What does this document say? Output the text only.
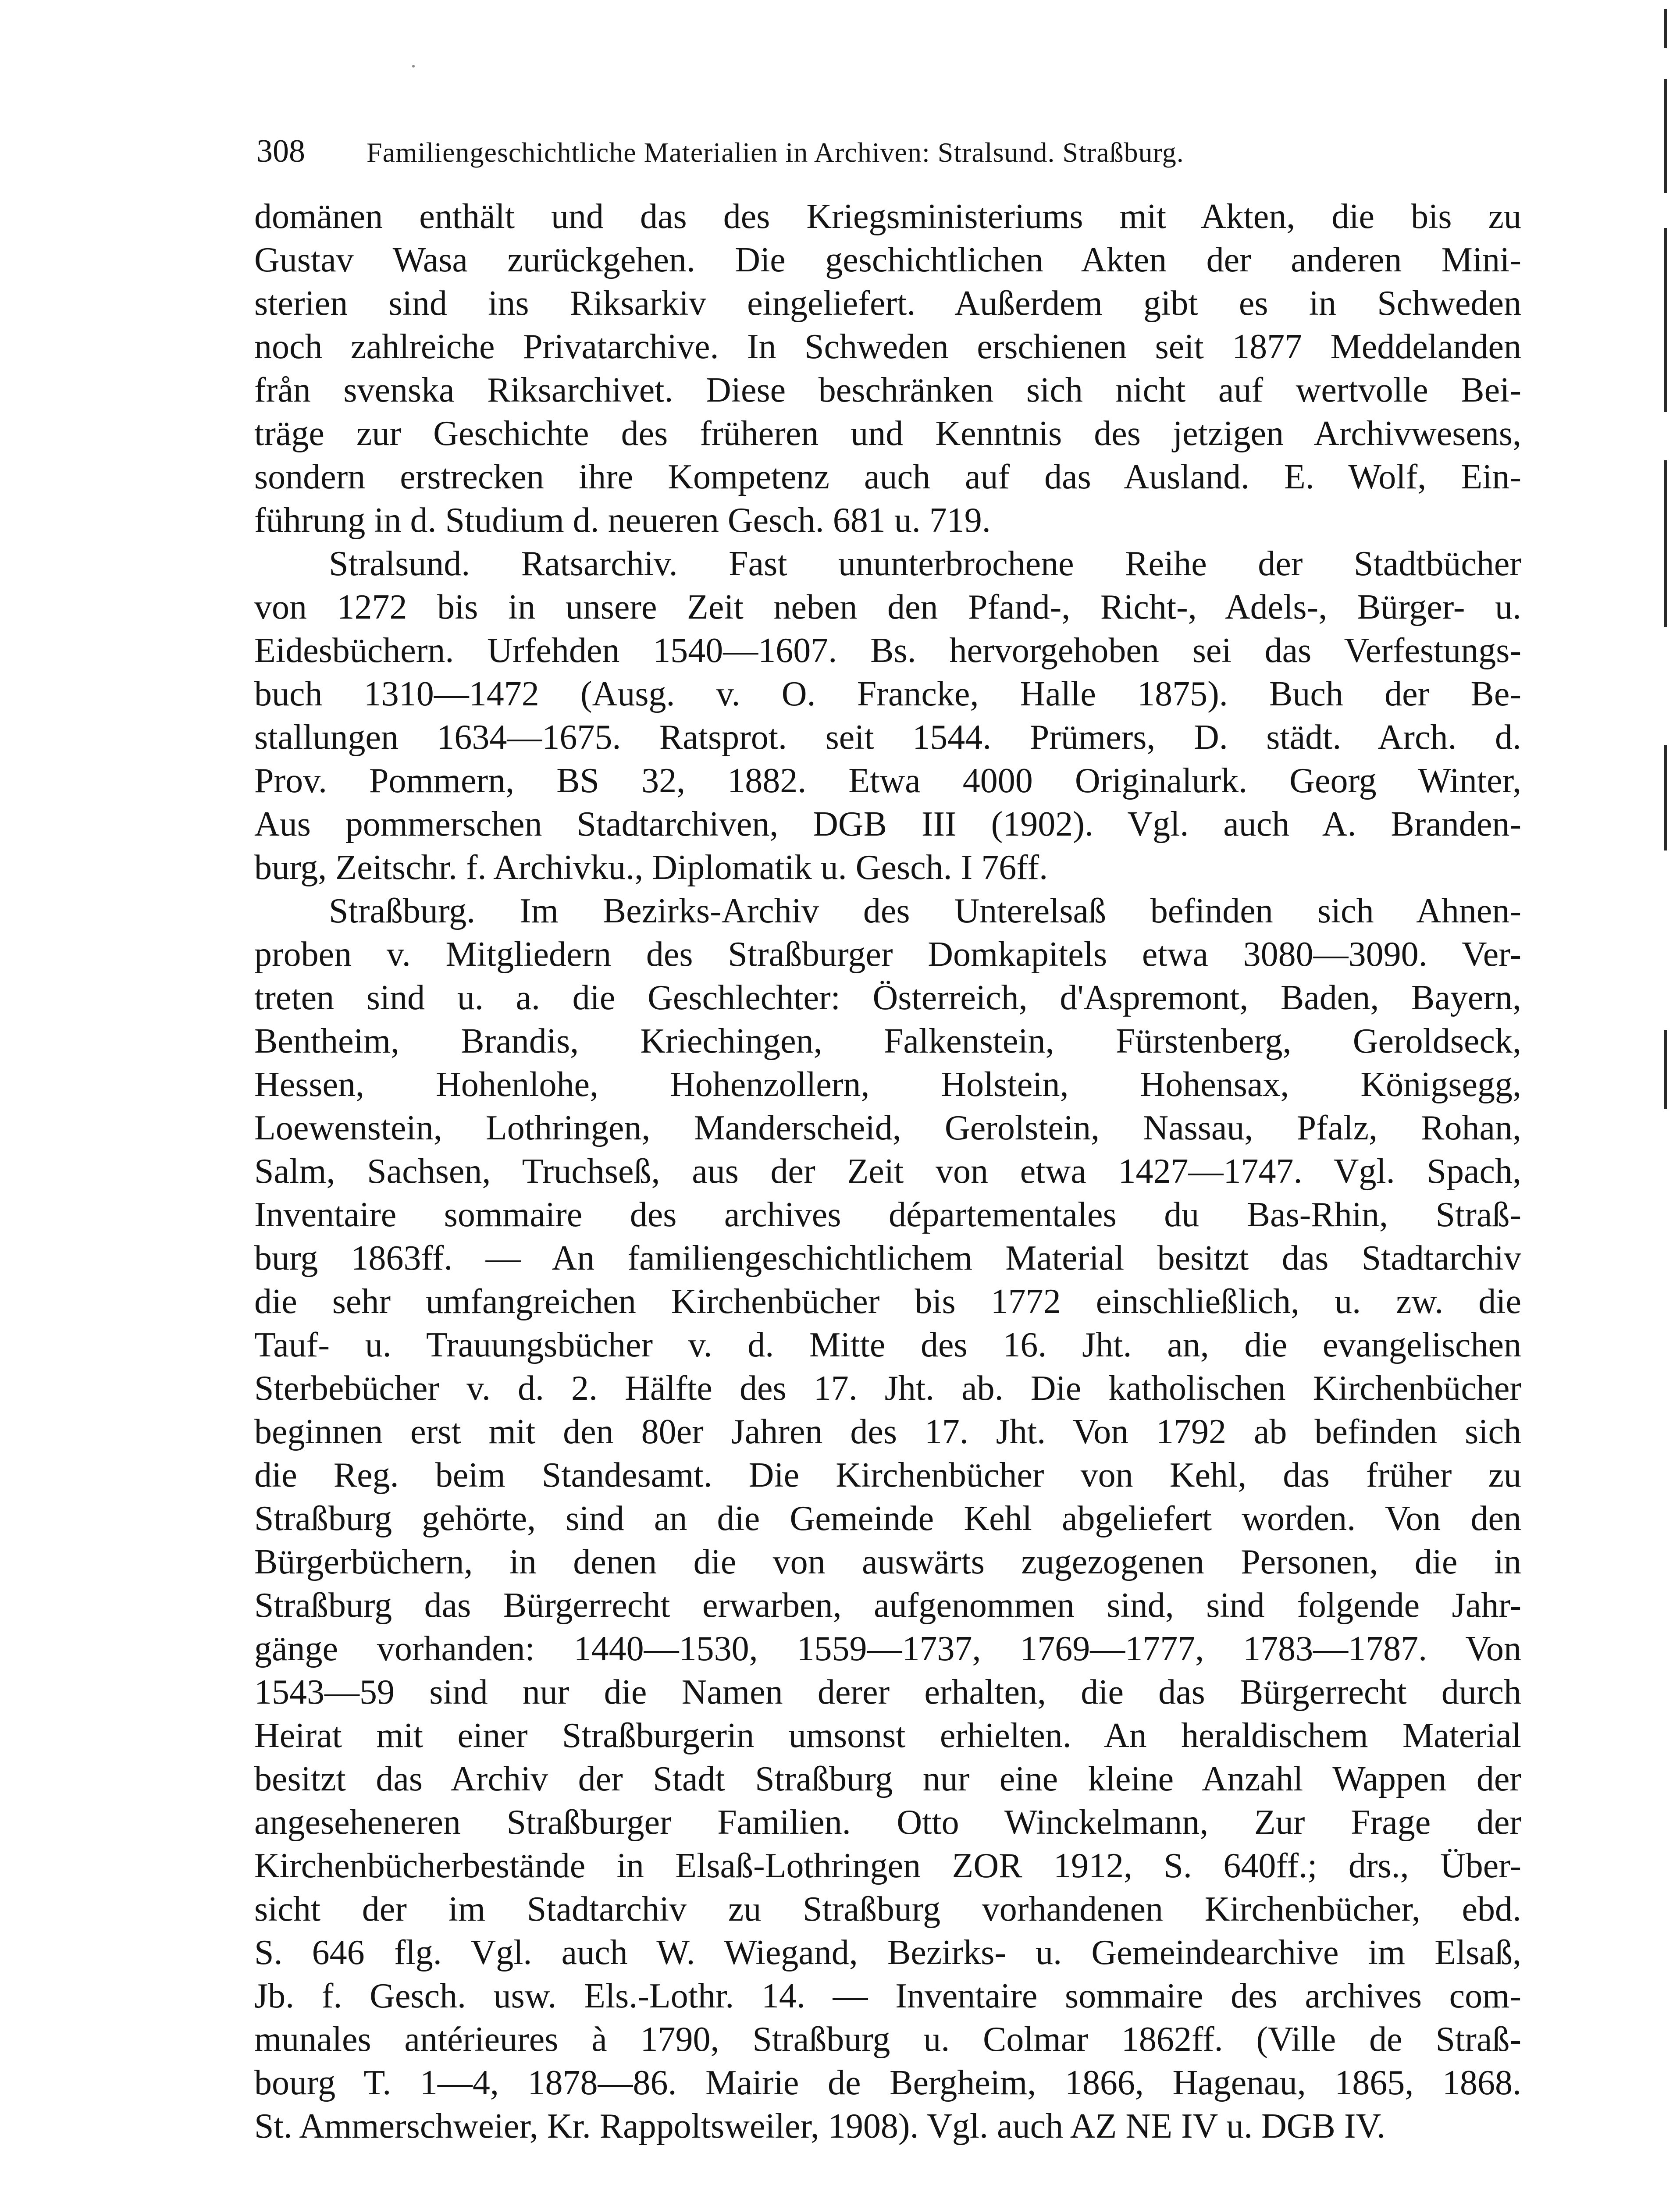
308 Familiengeschichtliche Materialien in Archiven: Stralsund. Straßburg.
domänen enthält und das des Kriegsministeriums mit Akten, die bis zu
Gustav Wasa zurückgehen. Die geschichtlichen Akten der anderen Mini-
sterien sind ins Riksarkiv eingeliefert. Außerdem gibt es in Schweden
noch zahlreiche Privatarchive. In Schweden erschienen seit 1877 Meddelanden
från svenska Riksarchivet. Diese beschränken sich nicht auf wertvolle Bei-
träge zur Geschichte des früheren und Kenntnis des jetzigen Archivwesens,
sondern erstrecken ihre Kompetenz auch auf das Ausland. E. Wolf, Ein-
führung in d. Studium d. neueren Gesch. 681 u. 719.
Stralsund. Ratsarchiv. Fast ununterbrochene Reihe der Stadtbücher
von 1272 bis in unsere Zeit neben den Pfand-, Richt-, Adels-, Bürger- u.
Eidesbüchern. Urfehden 1540—1607. Bs. hervorgehoben sei das Verfestungs-
buch 1310—1472 (Ausg. v. O. Francke, Halle 1875). Buch der Be-
stallungen 1634—1675. Ratsprot. seit 1544. Prümers, D. städt. Arch. d.
Prov. Pommern, BS 32, 1882. Etwa 4000 Originalurk. Georg Winter,
Aus pommerschen Stadtarchiven, DGB III (1902). Vgl. auch A. Branden-
burg, Zeitschr. f. Archivku., Diplomatik u. Gesch. I 76ff.
Straßburg. Im Bezirks-Archiv des Unterelsaß befinden sich Ahnen-
proben v. Mitgliedern des Straßburger Domkapitels etwa 3080—3090. Ver-
treten sind u. a. die Geschlechter: Österreich, d'Aspremont, Baden, Bayern,
Bentheim, Brandis, Kriechingen, Falkenstein, Fürstenberg, Geroldseck,
Hessen, Hohenlohe, Hohenzollern, Holstein, Hohensax, Königsegg,
Loewenstein, Lothringen, Manderscheid, Gerolstein, Nassau, Pfalz, Rohan,
Salm, Sachsen, Truchseß, aus der Zeit von etwa 1427—1747. Vgl. Spach,
Inventaire sommaire des archives départementales du Bas-Rhin, Straß-
burg 1863ff. — An familiengeschichtlichem Material besitzt das Stadtarchiv
die sehr umfangreichen Kirchenbücher bis 1772 einschließlich, u. zw. die
Tauf- u. Trauungsbücher v. d. Mitte des 16. Jht. an, die evangelischen
Sterbebücher v. d. 2. Hälfte des 17. Jht. ab. Die katholischen Kirchenbücher
beginnen erst mit den 80er Jahren des 17. Jht. Von 1792 ab befinden sich
die Reg. beim Standesamt. Die Kirchenbücher von Kehl, das früher zu
Straßburg gehörte, sind an die Gemeinde Kehl abgeliefert worden. Von den
Bürgerbüchern, in denen die von auswärts zugezogenen Personen, die in
Straßburg das Bürgerrecht erwarben, aufgenommen sind, sind folgende Jahr-
gänge vorhanden: 1440—1530, 1559—1737, 1769—1777, 1783—1787. Von
1543—59 sind nur die Namen derer erhalten, die das Bürgerrecht durch
Heirat mit einer Straßburgerin umsonst erhielten. An heraldischem Material
besitzt das Archiv der Stadt Straßburg nur eine kleine Anzahl Wappen der
angeseheneren Straßburger Familien. Otto Winckelmann, Zur Frage der
Kirchenbücherbestände in Elsaß-Lothringen ZOR 1912, S. 640ff.; drs., Über-
sicht der im Stadtarchiv zu Straßburg vorhandenen Kirchenbücher, ebd.
S. 646 flg. Vgl. auch W. Wiegand, Bezirks- u. Gemeindearchive im Elsaß,
Jb. f. Gesch. usw. Els.-Lothr. 14. — Inventaire sommaire des archives com-
munales antérieures à 1790, Straßburg u. Colmar 1862ff. (Ville de Straß-
bourg T. 1—4, 1878—86. Mairie de Bergheim, 1866, Hagenau, 1865, 1868.
St. Ammerschweier, Kr. Rappoltsweiler, 1908). Vgl. auch AZ NE IV u. DGB IV.
